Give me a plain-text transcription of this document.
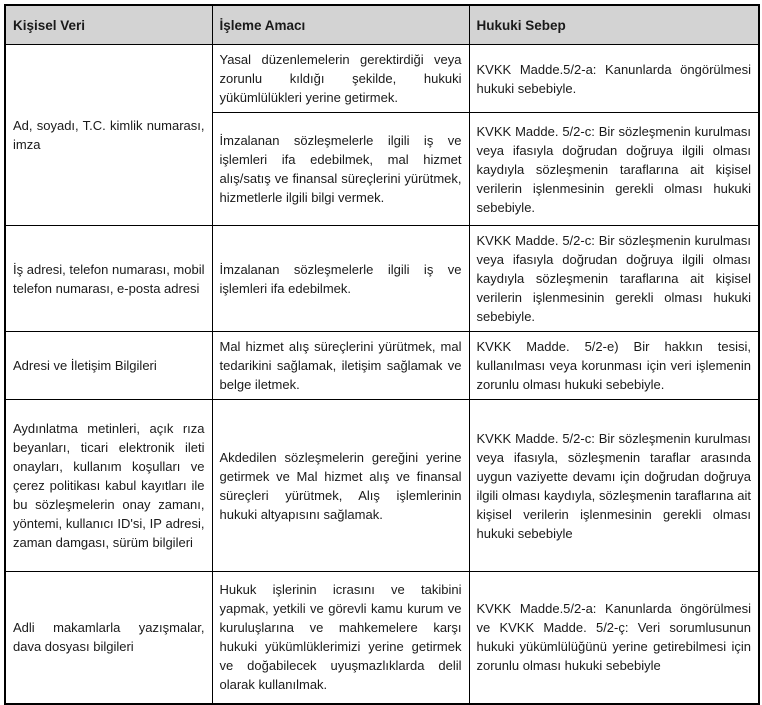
Kişisel Veri	İşleme Amacı	Hukuki Sebep
Ad, soyadı, T.C. kimlik numarası, imza	Yasal düzenlemelerin gerektirdiği veya zorunlu kıldığı şekilde, hukuki yükümlülükleri yerine getirmek.	KVKK Madde.5/2-a: Kanunlarda öngörülmesi hukuki sebebiyle.
	İmzalanan sözleşmelerle ilgili iş ve işlemleri ifa edebilmek, mal hizmet alış/satış ve finansal süreçlerini yürütmek, hizmetlerle ilgili bilgi vermek.	KVKK Madde. 5/2-c: Bir sözleşmenin kurulması veya ifasıyla doğrudan doğruya ilgili olması kaydıyla sözleşmenin taraflarına ait kişisel verilerin işlenmesinin gerekli olması hukuki sebebiyle.
İş adresi, telefon numarası, mobil telefon numarası, e-posta adresi	İmzalanan sözleşmelerle ilgili iş ve işlemleri ifa edebilmek.	KVKK Madde. 5/2-c: Bir sözleşmenin kurulması veya ifasıyla doğrudan doğruya ilgili olması kaydıyla sözleşmenin taraflarına ait kişisel verilerin işlenmesinin gerekli olması hukuki sebebiyle.
Adresi ve İletişim Bilgileri	Mal hizmet alış süreçlerini yürütmek, mal tedarikini sağlamak, iletişim sağlamak ve belge iletmek.	KVKK Madde. 5/2-e) Bir hakkın tesisi, kullanılması veya korunması için veri işlemenin zorunlu olması hukuki sebebiyle.
Aydınlatma metinleri, açık rıza beyanları, ticari elektronik ileti onayları, kullanım koşulları ve çerez politikası kabul kayıtları ile bu sözleşmelerin onay zamanı, yöntemi, kullanıcı ID'si, IP adresi, zaman damgası, sürüm bilgileri	Akdedilen sözleşmelerin gereğini yerine getirmek ve Mal hizmet alış ve finansal süreçleri yürütmek, Alış işlemlerinin hukuki altyapısını sağlamak.	KVKK Madde. 5/2-c: Bir sözleşmenin kurulması veya ifasıyla, sözleşmenin taraflar arasında uygun vaziyette devamı için doğrudan doğruya ilgili olması kaydıyla, sözleşmenin taraflarına ait kişisel verilerin işlenmesinin gerekli olması hukuki sebebiyle
Adli makamlarla yazışmalar, dava dosyası bilgileri	Hukuk işlerinin icrasını ve takibini yapmak, yetkili ve görevli kamu kurum ve kuruluşlarına ve mahkemelere karşı hukuki yükümlüklerimizi yerine getirmek ve doğabilecek uyuşmazlıklarda delil olarak kullanılmak.	KVKK Madde.5/2-a: Kanunlarda öngörülmesi ve KVKK Madde. 5/2-ç: Veri sorumlusunun hukuki yükümlülüğünü yerine getirebilmesi için zorunlu olması hukuki sebebiyle
